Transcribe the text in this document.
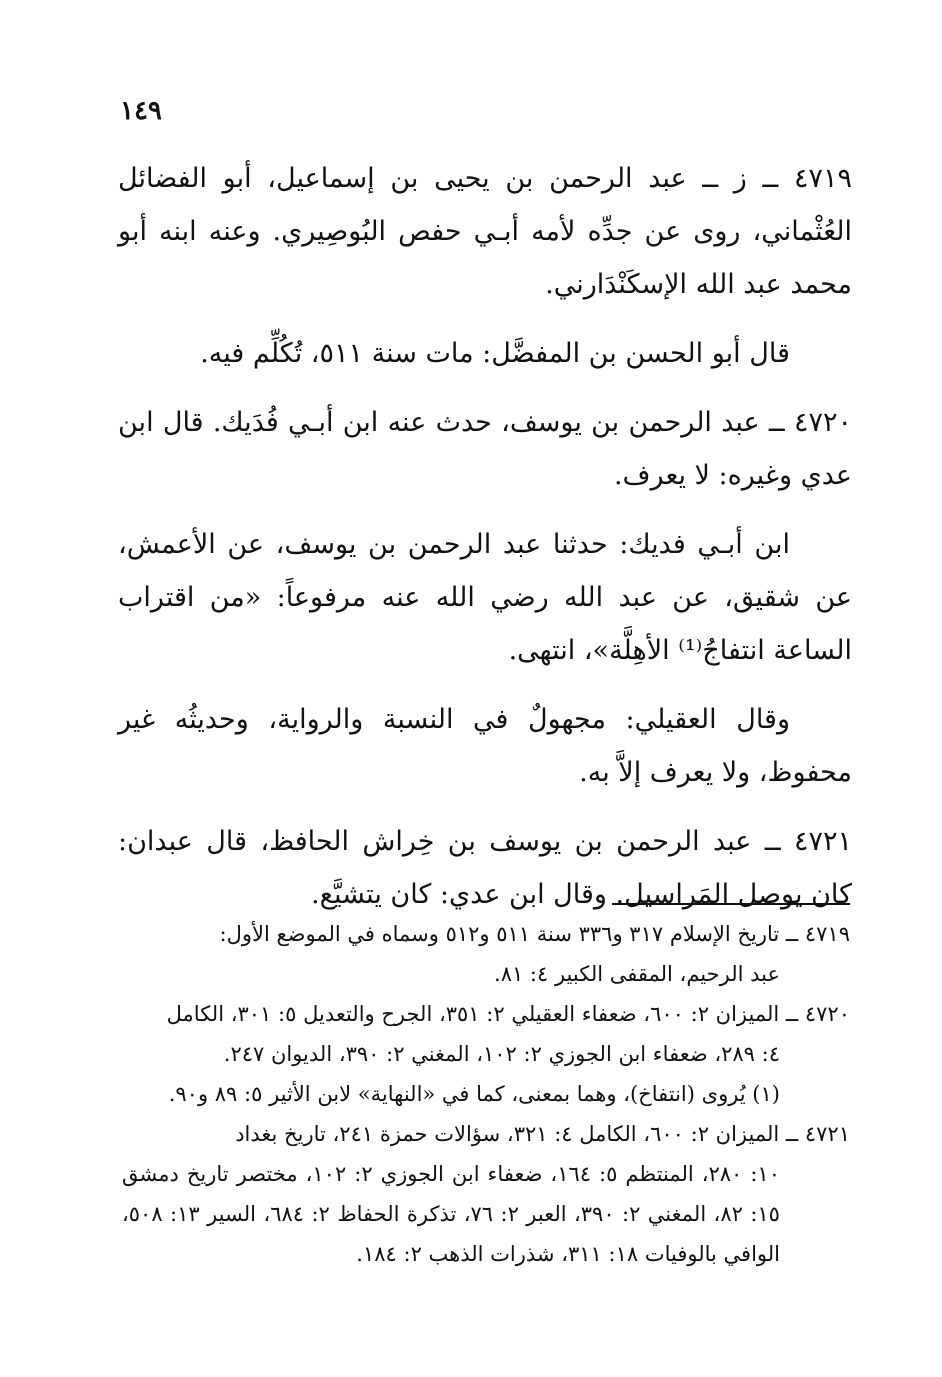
١٤٩

٤٧١٩ ــ ز ــ عبد الرحمن بن يحيى بن إسماعيل، أبو الفضائل العُثْماني، روى عن جدِّه لأمه أبـي حفص البُوصِيري. وعنه ابنه أبو محمد عبد الله الإسكَنْدَارني.

قال أبو الحسن بن المفضَّل: مات سنة ٥١١، تُكُلِّم فيه.

٤٧٢٠ ــ عبد الرحمن بن يوسف، حدث عنه ابن أبـي فُدَيك. قال ابن عدي وغيره: لا يعرف.

ابن أبـي فديك: حدثنا عبد الرحمن بن يوسف، عن الأعمش، عن شقيق، عن عبد الله رضي الله عنه مرفوعاً: «من اقتراب الساعة انتفاجُ⁽¹⁾ الأهِلَّة»، انتهى.

وقال العقيلي: مجهولٌ في النسبة والرواية، وحديثُه غير محفوظ، ولا يعرف إلاَّ به.

٤٧٢١ ــ عبد الرحمن بن يوسف بن خِراش الحافظ، قال عبدان: كان يوصل المَراسيل. وقال ابن عدي: كان يتشيَّع.

٤٧١٩ ــ تاريخ الإسلام ٣١٧ و٣٣٦ سنة ٥١١ و٥١٢ وسماه في الموضع الأول:
عبد الرحيم، المقفى الكبير ٤: ٨١.

٤٧٢٠ ــ الميزان ٢: ٦٠٠، ضعفاء العقيلي ٢: ٣٥١، الجرح والتعديل ٥: ٣٠١، الكامل
٤: ٢٨٩، ضعفاء ابن الجوزي ٢: ١٠٢، المغني ٢: ٣٩٠، الديوان ٢٤٧.

(١) يُروى (انتفاخ)، وهما بمعنى، كما في «النهاية» لابن الأثير ٥: ٨٩ و٩٠.

٤٧٢١ ــ الميزان ٢: ٦٠٠، الكامل ٤: ٣٢١، سؤالات حمزة ٢٤١، تاريخ بغداد
١٠: ٢٨٠، المنتظم ٥: ١٦٤، ضعفاء ابن الجوزي ٢: ١٠٢، مختصر تاريخ دمشق ١٥: ٨٢، المغني ٢: ٣٩٠، العبر ٢: ٧٦، تذكرة الحفاظ ٢: ٦٨٤، السير ١٣: ٥٠٨، الوافي بالوفيات ١٨: ٣١١، شذرات الذهب ٢: ١٨٤.
